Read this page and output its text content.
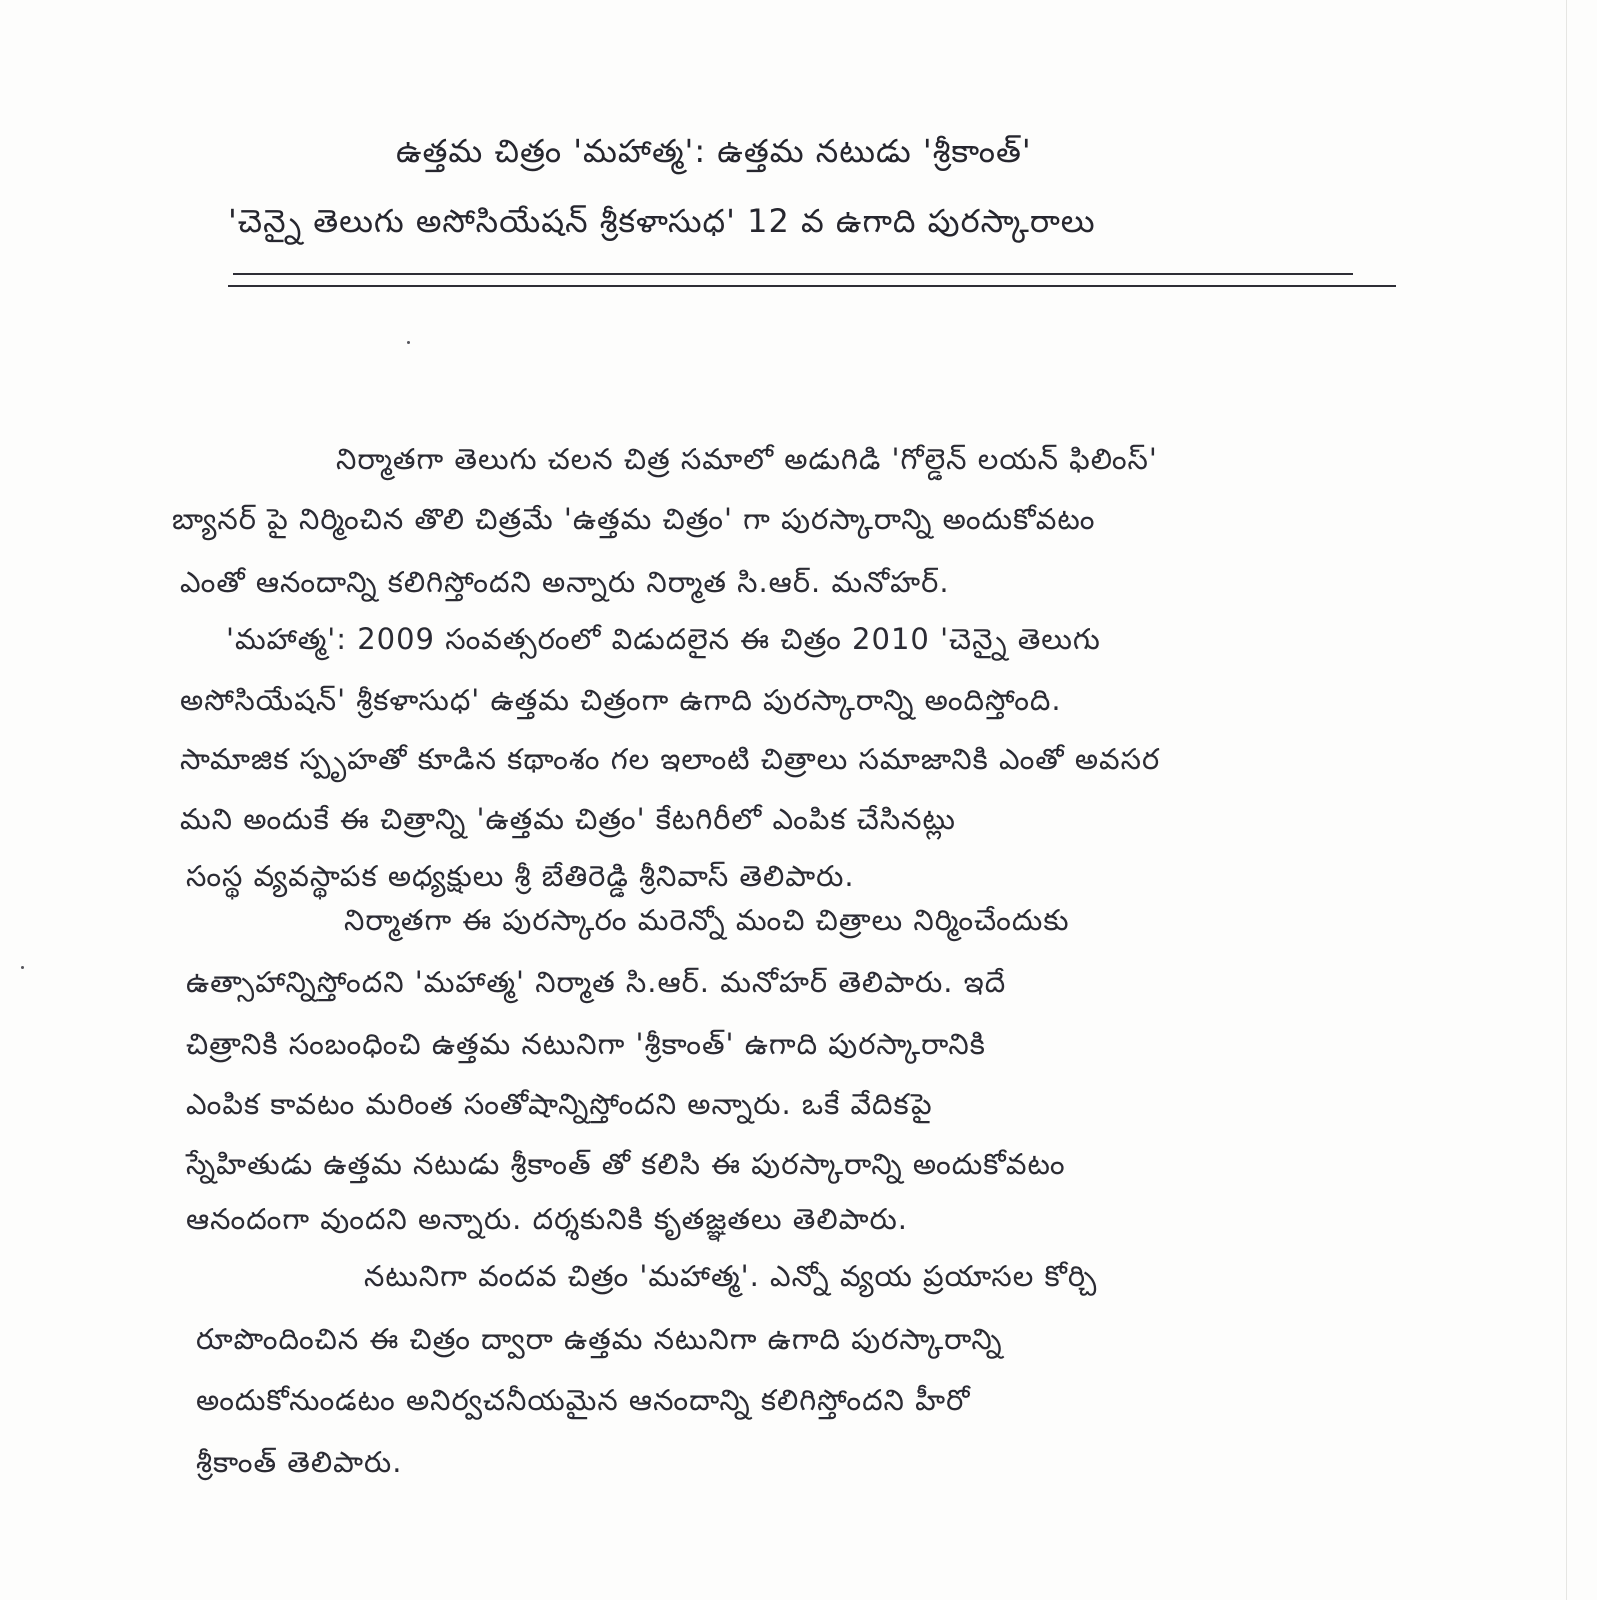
ఉత్తమ చిత్రం 'మహాత్మ': ఉత్తమ నటుడు 'శ్రీకాంత్'
'చెన్నై తెలుగు అసోసియేషన్ శ్రీకళాసుధ' 12 వ ఉగాది పురస్కారాలు
నిర్మాతగా తెలుగు చలన చిత్ర సమాలో అడుగిడి 'గోల్డెన్ లయన్ ఫిలింస్'
బ్యానర్ పై నిర్మించిన తొలి చిత్రమే 'ఉత్తమ చిత్రం' గా పురస్కారాన్ని అందుకోవటం
ఎంతో ఆనందాన్ని కలిగిస్తోందని అన్నారు నిర్మాత సి.ఆర్. మనోహర్.
'మహాత్మ': 2009 సంవత్సరంలో విడుదలైన ఈ చిత్రం 2010 'చెన్నై తెలుగు
అసోసియేషన్' శ్రీకళాసుధ' ఉత్తమ చిత్రంగా ఉగాది పురస్కారాన్ని అందిస్తోంది.
సామాజిక స్పృహతో కూడిన కథాంశం గల ఇలాంటి చిత్రాలు సమాజానికి ఎంతో అవసర
మని అందుకే ఈ చిత్రాన్ని 'ఉత్తమ చిత్రం' కేటగిరీలో ఎంపిక చేసినట్లు
సంస్థ వ్యవస్థాపక అధ్యక్షులు శ్రీ బేతిరెడ్డి శ్రీనివాస్ తెలిపారు.
నిర్మాతగా ఈ పురస్కారం మరెన్నో మంచి చిత్రాలు నిర్మించేందుకు
ఉత్సాహాన్నిస్తోందని 'మహాత్మ' నిర్మాత సి.ఆర్. మనోహర్ తెలిపారు. ఇదే
చిత్రానికి సంబంధించి ఉత్తమ నటునిగా 'శ్రీకాంత్' ఉగాది పురస్కారానికి
ఎంపిక కావటం మరింత సంతోషాన్నిస్తోందని అన్నారు. ఒకే వేదికపై
స్నేహితుడు ఉత్తమ నటుడు శ్రీకాంత్ తో కలిసి ఈ పురస్కారాన్ని అందుకోవటం
ఆనందంగా వుందని అన్నారు. దర్శకునికి కృతజ్ఞతలు తెలిపారు.
నటునిగా వందవ చిత్రం 'మహాత్మ'. ఎన్నో వ్యయ ప్రయాసల కోర్చి
రూపొందించిన ఈ చిత్రం ద్వారా ఉత్తమ నటునిగా ఉగాది పురస్కారాన్ని
అందుకోనుండటం అనిర్వచనీయమైన ఆనందాన్ని కలిగిస్తోందని హీరో
శ్రీకాంత్ తెలిపారు.
